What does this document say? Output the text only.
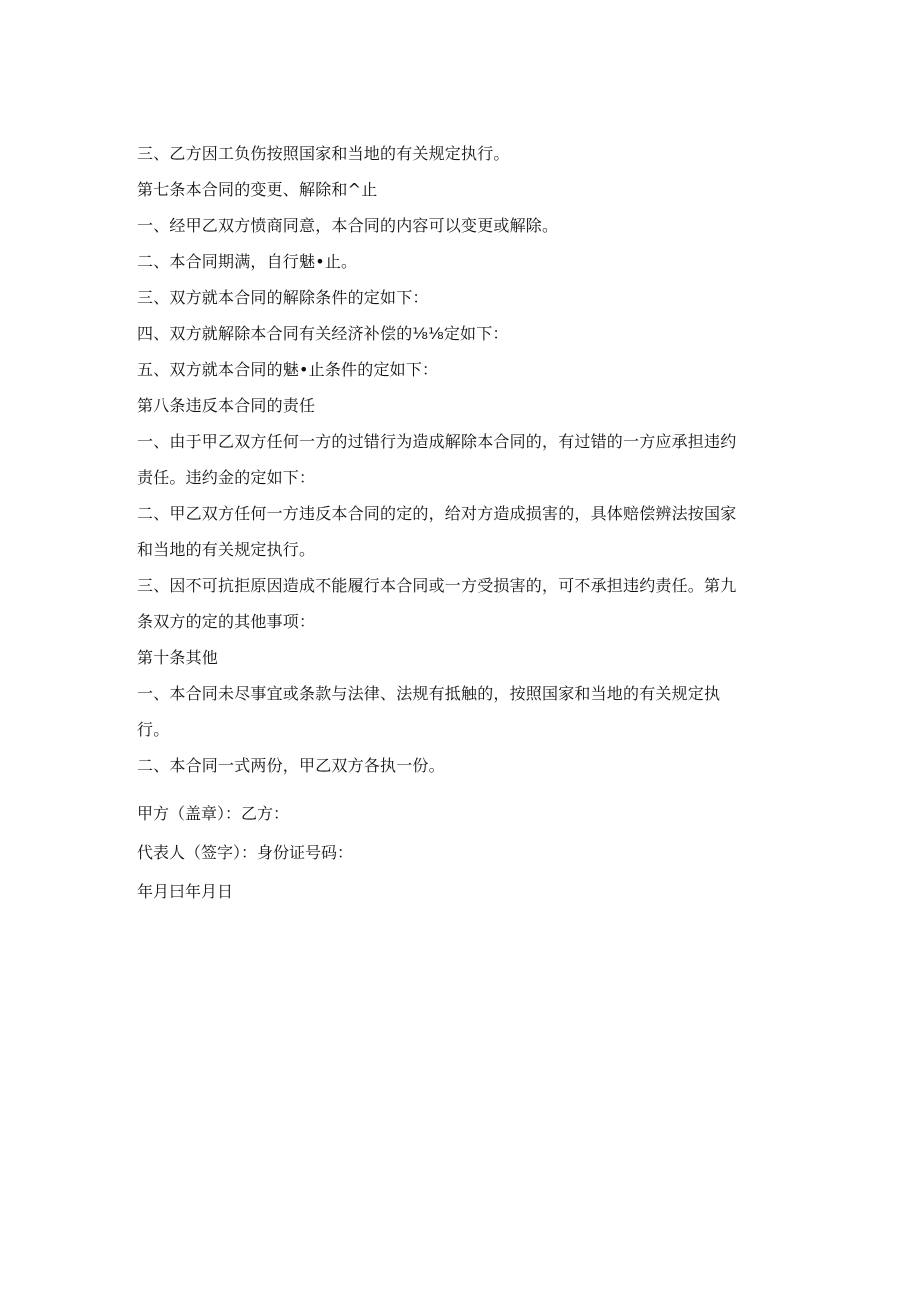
三、乙方因工负伤按照国家和当地的有关规定执行。

第七条本合同的变更、解除和^止

一、经甲乙双方愤商同意，本合同的内容可以变更或解除。

二、本合同期满，自行魅•止。

三、双方就本合同的解除条件的定如下：

四、双方就解除本合同有关经济补偿的⅛⅛定如下：

五、双方就本合同的魅•止条件的定如下：

第八条违反本合同的责任

一、由于甲乙双方任何一方的过错行为造成解除本合同的，有过错的一方应承担违约

责任。违约金的定如下：

二、甲乙双方任何一方违反本合同的定的，给对方造成损害的，具体赔偿辨法按国家

和当地的有关规定执行。

三、因不可抗拒原因造成不能履行本合同或一方受损害的，可不承担违约责任。第九

条双方的定的其他事项：

第十条其他

一、本合同未尽事宜或条款与法律、法规有抵触的，按照国家和当地的有关规定执

行。

二、本合同一式两份，甲乙双方各执一份。

甲方（盖章）：乙方：
代表人（签字）：身份证号码：
年月曰年月日
